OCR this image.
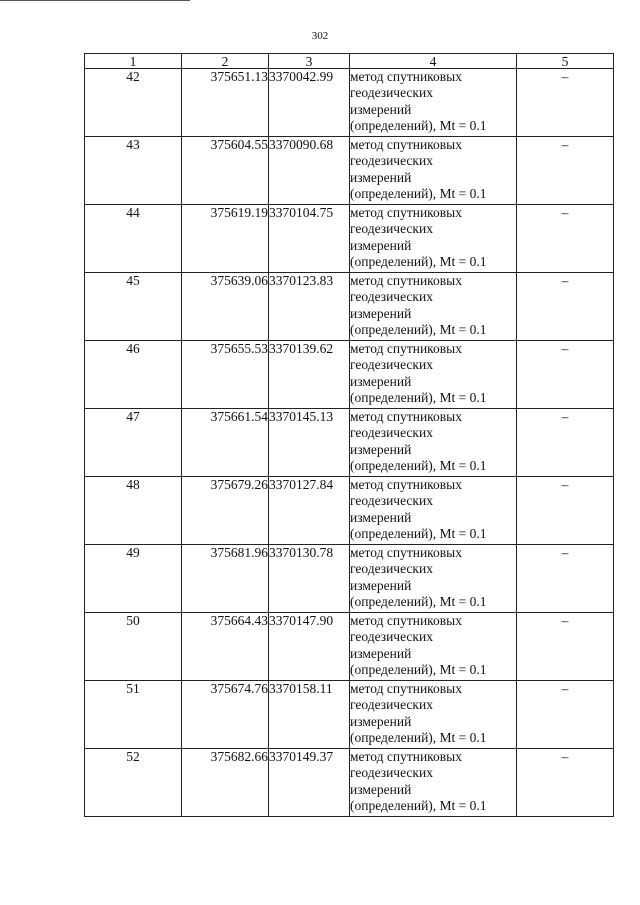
302
1	2	3	4	5
42	375651.13	3370042.99	метод спутниковых
геодезических
измерений
(определений), Mt = 0.1	–
43	375604.55	3370090.68	метод спутниковых
геодезических
измерений
(определений), Mt = 0.1	–
44	375619.19	3370104.75	метод спутниковых
геодезических
измерений
(определений), Mt = 0.1	–
45	375639.06	3370123.83	метод спутниковых
геодезических
измерений
(определений), Mt = 0.1	–
46	375655.53	3370139.62	метод спутниковых
геодезических
измерений
(определений), Mt = 0.1	–
47	375661.54	3370145.13	метод спутниковых
геодезических
измерений
(определений), Mt = 0.1	–
48	375679.26	3370127.84	метод спутниковых
геодезических
измерений
(определений), Mt = 0.1	–
49	375681.96	3370130.78	метод спутниковых
геодезических
измерений
(определений), Mt = 0.1	–
50	375664.43	3370147.90	метод спутниковых
геодезических
измерений
(определений), Mt = 0.1	–
51	375674.76	3370158.11	метод спутниковых
геодезических
измерений
(определений), Mt = 0.1	–
52	375682.66	3370149.37	метод спутниковых
геодезических
измерений
(определений), Mt = 0.1	–
